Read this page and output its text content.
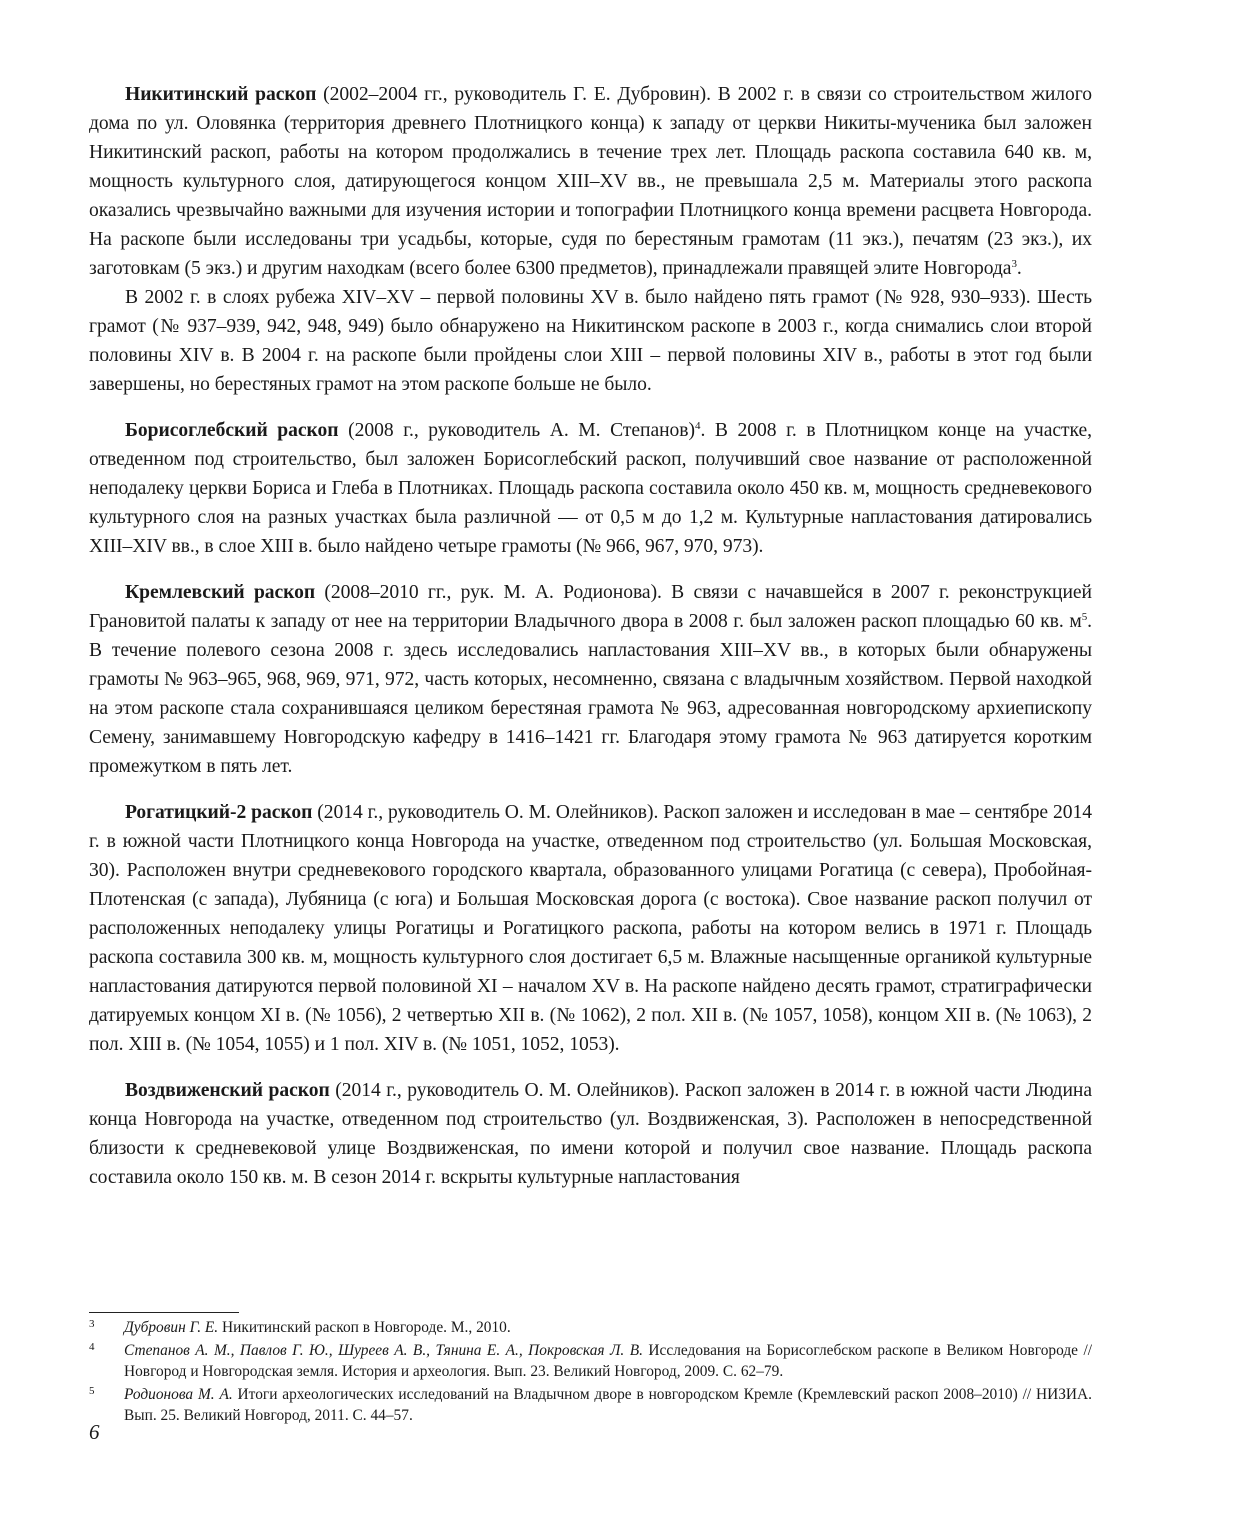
Никитинский раскоп (2002–2004 гг., руководитель Г. Е. Дубровин). В 2002 г. в связи со строительством жилого дома по ул. Оловянка (территория древнего Плотницкого конца) к западу от церкви Никиты-мученика был заложен Никитинский раскоп, работы на котором продолжались в течение трех лет. Площадь раскопа составила 640 кв. м, мощность культурного слоя, датирующегося концом XIII–XV вв., не превышала 2,5 м. Материалы этого раскопа оказались чрезвычайно важными для изучения истории и топографии Плотницкого конца времени расцвета Новгорода. На раскопе были исследованы три усадьбы, которые, судя по берестяным грамотам (11 экз.), печатям (23 экз.), их заготовкам (5 экз.) и другим находкам (всего более 6300 предметов), принадлежали правящей элите Новгорода$^3$.

В 2002 г. в слоях рубежа XIV–XV – первой половины XV в. было найдено пять грамот (№ 928, 930–933). Шесть грамот (№ 937–939, 942, 948, 949) было обнаружено на Никитинском раскопе в 2003 г., когда снимались слои второй половины XIV в. В 2004 г. на раскопе были пройдены слои XIII – первой половины XIV в., работы в этот год были завершены, но берестяных грамот на этом раскопе больше не было.

Борисоглебский раскоп (2008 г., руководитель А. М. Степанов)$^4$. В 2008 г. в Плотницком конце на участке, отведенном под строительство, был заложен Борисоглебский раскоп, получивший свое название от расположенной неподалеку церкви Бориса и Глеба в Плотниках. Площадь раскопа составила около 450 кв. м, мощность средневекового культурного слоя на разных участках была различной — от 0,5 м до 1,2 м. Культурные напластования датировались XIII–XIV вв., в слое XIII в. было найдено четыре грамоты (№ 966, 967, 970, 973).

Кремлевский раскоп (2008–2010 гг., рук. М. А. Родионова). В связи с начавшейся в 2007 г. реконструкцией Грановитой палаты к западу от нее на территории Владычного двора в 2008 г. был заложен раскоп площадью 60 кв. $м^5$. В течение полевого сезона 2008 г. здесь исследовались напластования XIII–XV вв., в которых были обнаружены грамоты № 963–965, 968, 969, 971, 972, часть которых, несомненно, связана с владычным хозяйством. Первой находкой на этом раскопе стала сохранившаяся целиком берестяная грамота № 963, адресованная новгородскому архиепископу Семену, занимавшему Новгородскую кафедру в 1416–1421 гг. Благодаря этому грамота № 963 датируется коротким промежутком в пять лет.

Рогатицкий-2 раскоп (2014 г., руководитель О. М. Олейников). Раскоп заложен и исследован в мае – сентябре 2014 г. в южной части Плотницкого конца Новгорода на участке, отведенном под строительство (ул. Большая Московская, 30). Расположен внутри средневекового городского квартала, образованного улицами Рогатица (с севера), Пробойная-Плотенская (с запада), Лубяница (с юга) и Большая Московская дорога (с востока). Свое название раскоп получил от расположенных неподалеку улицы Рогатицы и Рогатицкого раскопа, работы на котором велись в 1971 г. Площадь раскопа составила 300 кв. м, мощность культурного слоя достигает 6,5 м. Влажные насыщенные органикой культурные напластования датируются первой половиной XI – началом XV в. На раскопе найдено десять грамот, стратиграфически датируемых концом XI в. (№ 1056), 2 четвертью XII в. (№ 1062), 2 пол. XII в. (№ 1057, 1058), концом XII в. (№ 1063), 2 пол. XIII в. (№ 1054, 1055) и 1 пол. XIV в. (№ 1051, 1052, 1053).

Воздвиженский раскоп (2014 г., руководитель О. М. Олейников). Раскоп заложен в 2014 г. в южной части Людина конца Новгорода на участке, отведенном под строительство (ул. Воздвиженская, 3). Расположен в непосредственной близости к средневековой улице Воздвиженская, по имени которой и получил свое название. Площадь раскопа составила около 150 кв. м. В сезон 2014 г. вскрыты культурные напластования

3 Дубровин Г. Е. Никитинский раскоп в Новгороде. М., 2010.

4 Степанов А. М., Павлов Г. Ю., Шуреев А. В., Тянина Е. А., Покровская Л. В. Исследования на Борисоглебском раскопе в Великом Новгороде // Новгород и Новгородская земля. История и археология. Вып. 23. Великий Новгород, 2009. С. 62–79.

5 Родионова М. А. Итоги археологических исследований на Владычном дворе в новгородском Кремле (Кремлевский раскоп 2008–2010) // НИЗИА. Вып. 25. Великий Новгород, 2011. С. 44–57.

6
